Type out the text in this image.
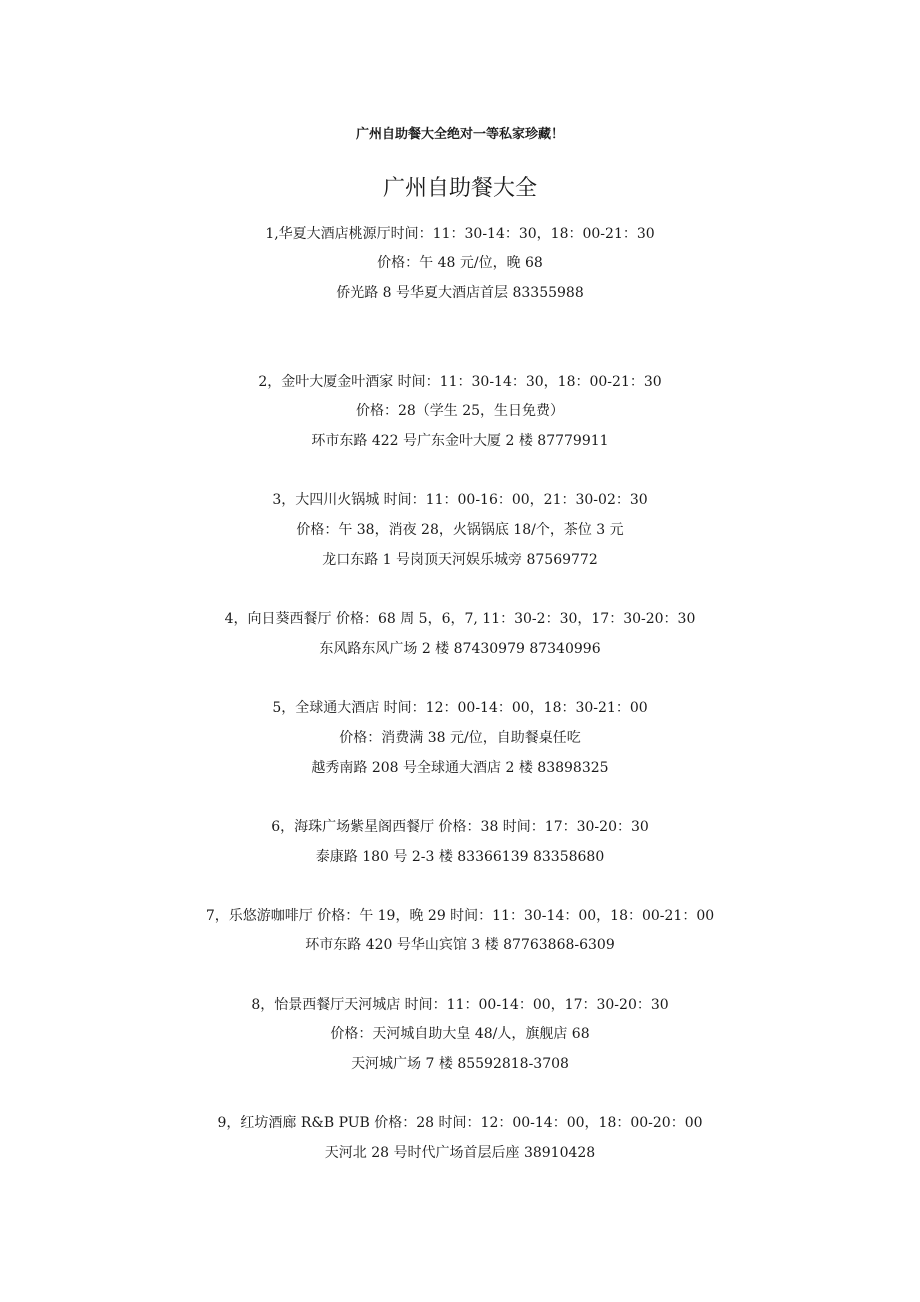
广州自助餐大全绝对一等私家珍藏！
广州自助餐大全
1,华夏大酒店桃源厅时间：11：30-14：30，18：00-21：30
价格：午 48 元/位，晚 68
侨光路 8 号华夏大酒店首层 83355988
2，金叶大厦金叶酒家 时间：11：30-14：30，18：00-21：30
价格：28（学生 25，生日免费）
环市东路 422 号广东金叶大厦 2 楼 87779911
3，大四川火锅城 时间：11：00-16：00，21：30-02：30
价格：午 38，消夜 28，火锅锅底 18/个，茶位 3 元
龙口东路 1 号岗顶天河娱乐城旁 87569772
4，向日葵西餐厅 价格：68 周 5，6，7, 11：30-2：30，17：30-20：30
东风路东风广场 2 楼 87430979 87340996
5，全球通大酒店 时间：12：00-14：00，18：30-21：00
价格：消费满 38 元/位，自助餐桌任吃
越秀南路 208 号全球通大酒店 2 楼 83898325
6，海珠广场紫星阁西餐厅 价格：38 时间：17：30-20：30
泰康路 180 号 2-3 楼 83366139 83358680
7，乐悠游咖啡厅 价格：午 19，晚 29 时间：11：30-14：00，18：00-21：00
环市东路 420 号华山宾馆 3 楼 87763868-6309
8，怡景西餐厅天河城店 时间：11：00-14：00，17：30-20：30
价格：天河城自助大皇 48/人，旗舰店 68
天河城广场 7 楼 85592818-3708
9，红坊酒廊 R&B PUB 价格：28 时间：12：00-14：00，18：00-20：00
天河北 28 号时代广场首层后座 38910428
